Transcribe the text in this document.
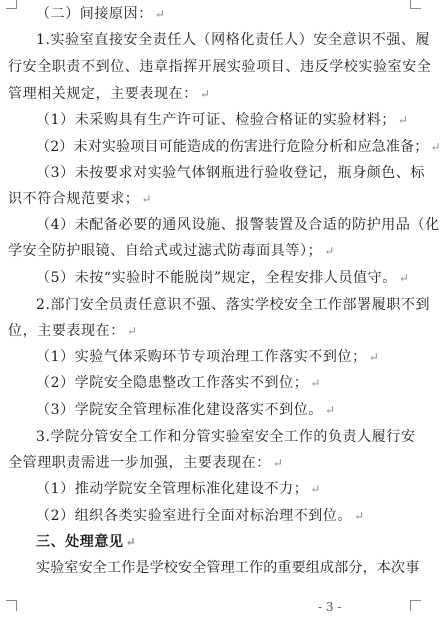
（二）间接原因： ↵
1.实验室直接安全责任人（网格化责任人）安全意识不强、履
行安全职责不到位、违章指挥开展实验项目、违反学校实验室安全
管理相关规定，主要表现在： ↵
（1）未采购具有生产许可证、检验合格证的实验材料； ↵
（2）未对实验项目可能造成的伤害进行危险分析和应急准备； ↵
（3）未按要求对实验气体钢瓶进行验收登记，瓶身颜色、标
识不符合规范要求； ↵
（4）未配备必要的通风设施、报警装置及合适的防护用品（化
学安全防护眼镜、自给式或过滤式防毒面具等）； ↵
（5）未按“实验时不能脱岗”规定，全程安排人员值守。 ↵
2.部门安全员责任意识不强、落实学校安全工作部署履职不到
位，主要表现在： ↵
（1）实验气体采购环节专项治理工作落实不到位； ↵
（2）学院安全隐患整改工作落实不到位； ↵
（3）学院安全管理标准化建设落实不到位。 ↵
3.学院分管安全工作和分管实验室安全工作的负责人履行安
全管理职责需进一步加强，主要表现在： ↵
（1）推动学院安全管理标准化建设不力； ↵
（2）组织各类实验室进行全面对标治理不到位。 ↵
三、处理意见 ↵
实验室安全工作是学校安全管理工作的重要组成部分，本次事
- 3 -
